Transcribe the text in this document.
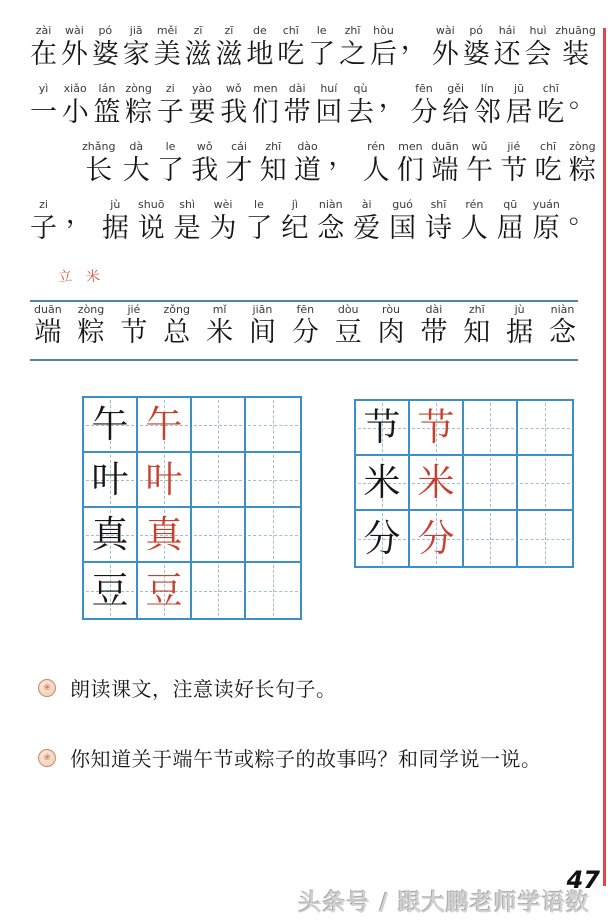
zài
在
wài
外
pó
婆
jiā
家
měi
美
zī
滋
zī
滋
de
地
chī
吃
le
了
zhī
之
hòu
后 ， wài
外
pó
婆
hái
还
huì
会
zhuāng
装
yì
一
xiǎo
小
lán
篮
zòng
粽
zi
子
yào
要
wǒ
我
men
们
dài
带
huí
回
qù
去 ， fēn
分
gěi
给
lín
邻
jū
居
chī
吃 。
zhǎng
长
dà
大
le
了
wǒ
我
cái
才
zhī
知
dào
道 ， rén
人
men
们
duān
端
wǔ
午
jié
节
chī
吃
zòng
粽
zi
子 ， jù
据
shuō
说
shì
是
wèi
为
le
了
jì
纪
niàn
念
ài
爱
guó
国
shī
诗
rén
人
qū
屈
yuán
原 。
立 米
duān
端
zòng
粽
jié
节
zǒng
总
mǐ
米
jiān
间
fēn
分
dòu
豆
ròu
肉
dài
带
zhī
知
jù
据
niàn
念
午 午
叶 叶
真 真
豆 豆
节 节
米 米
分 分
❀ 朗读课文，注意读好长句子。
❀ 你知道关于端午节或粽子的故事吗？和同学说一说。
头条号 / 跟大鹏老师学语数
47
